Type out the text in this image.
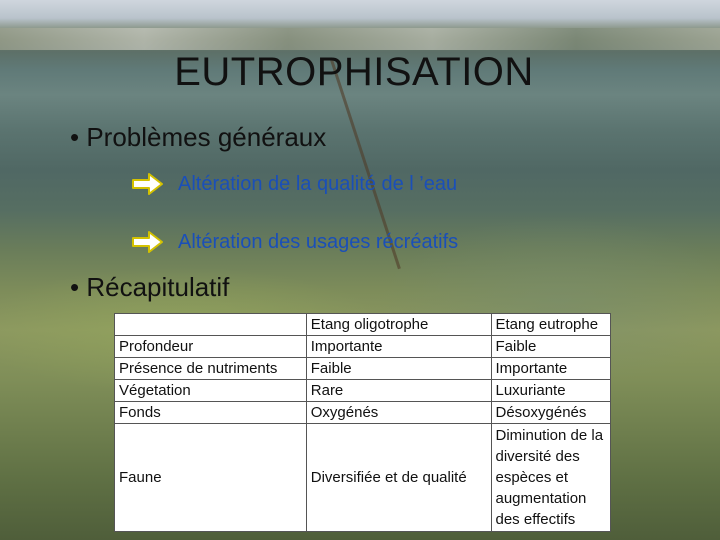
EUTROPHISATION
• Problèmes généraux
Altération de la qualité de l ’eau
Altération des usages récréatifs
• Récapitulatif
	Etang oligotrophe	Etang eutrophe
Profondeur	Importante	Faible
Présence de nutriments	Faible	Importante
Végetation	Rare	Luxuriante
Fonds	Oxygénés	Désoxygénés
Faune	Diversifiée et de qualité	Diminution de la diversité des espèces et augmentation des effectifs
